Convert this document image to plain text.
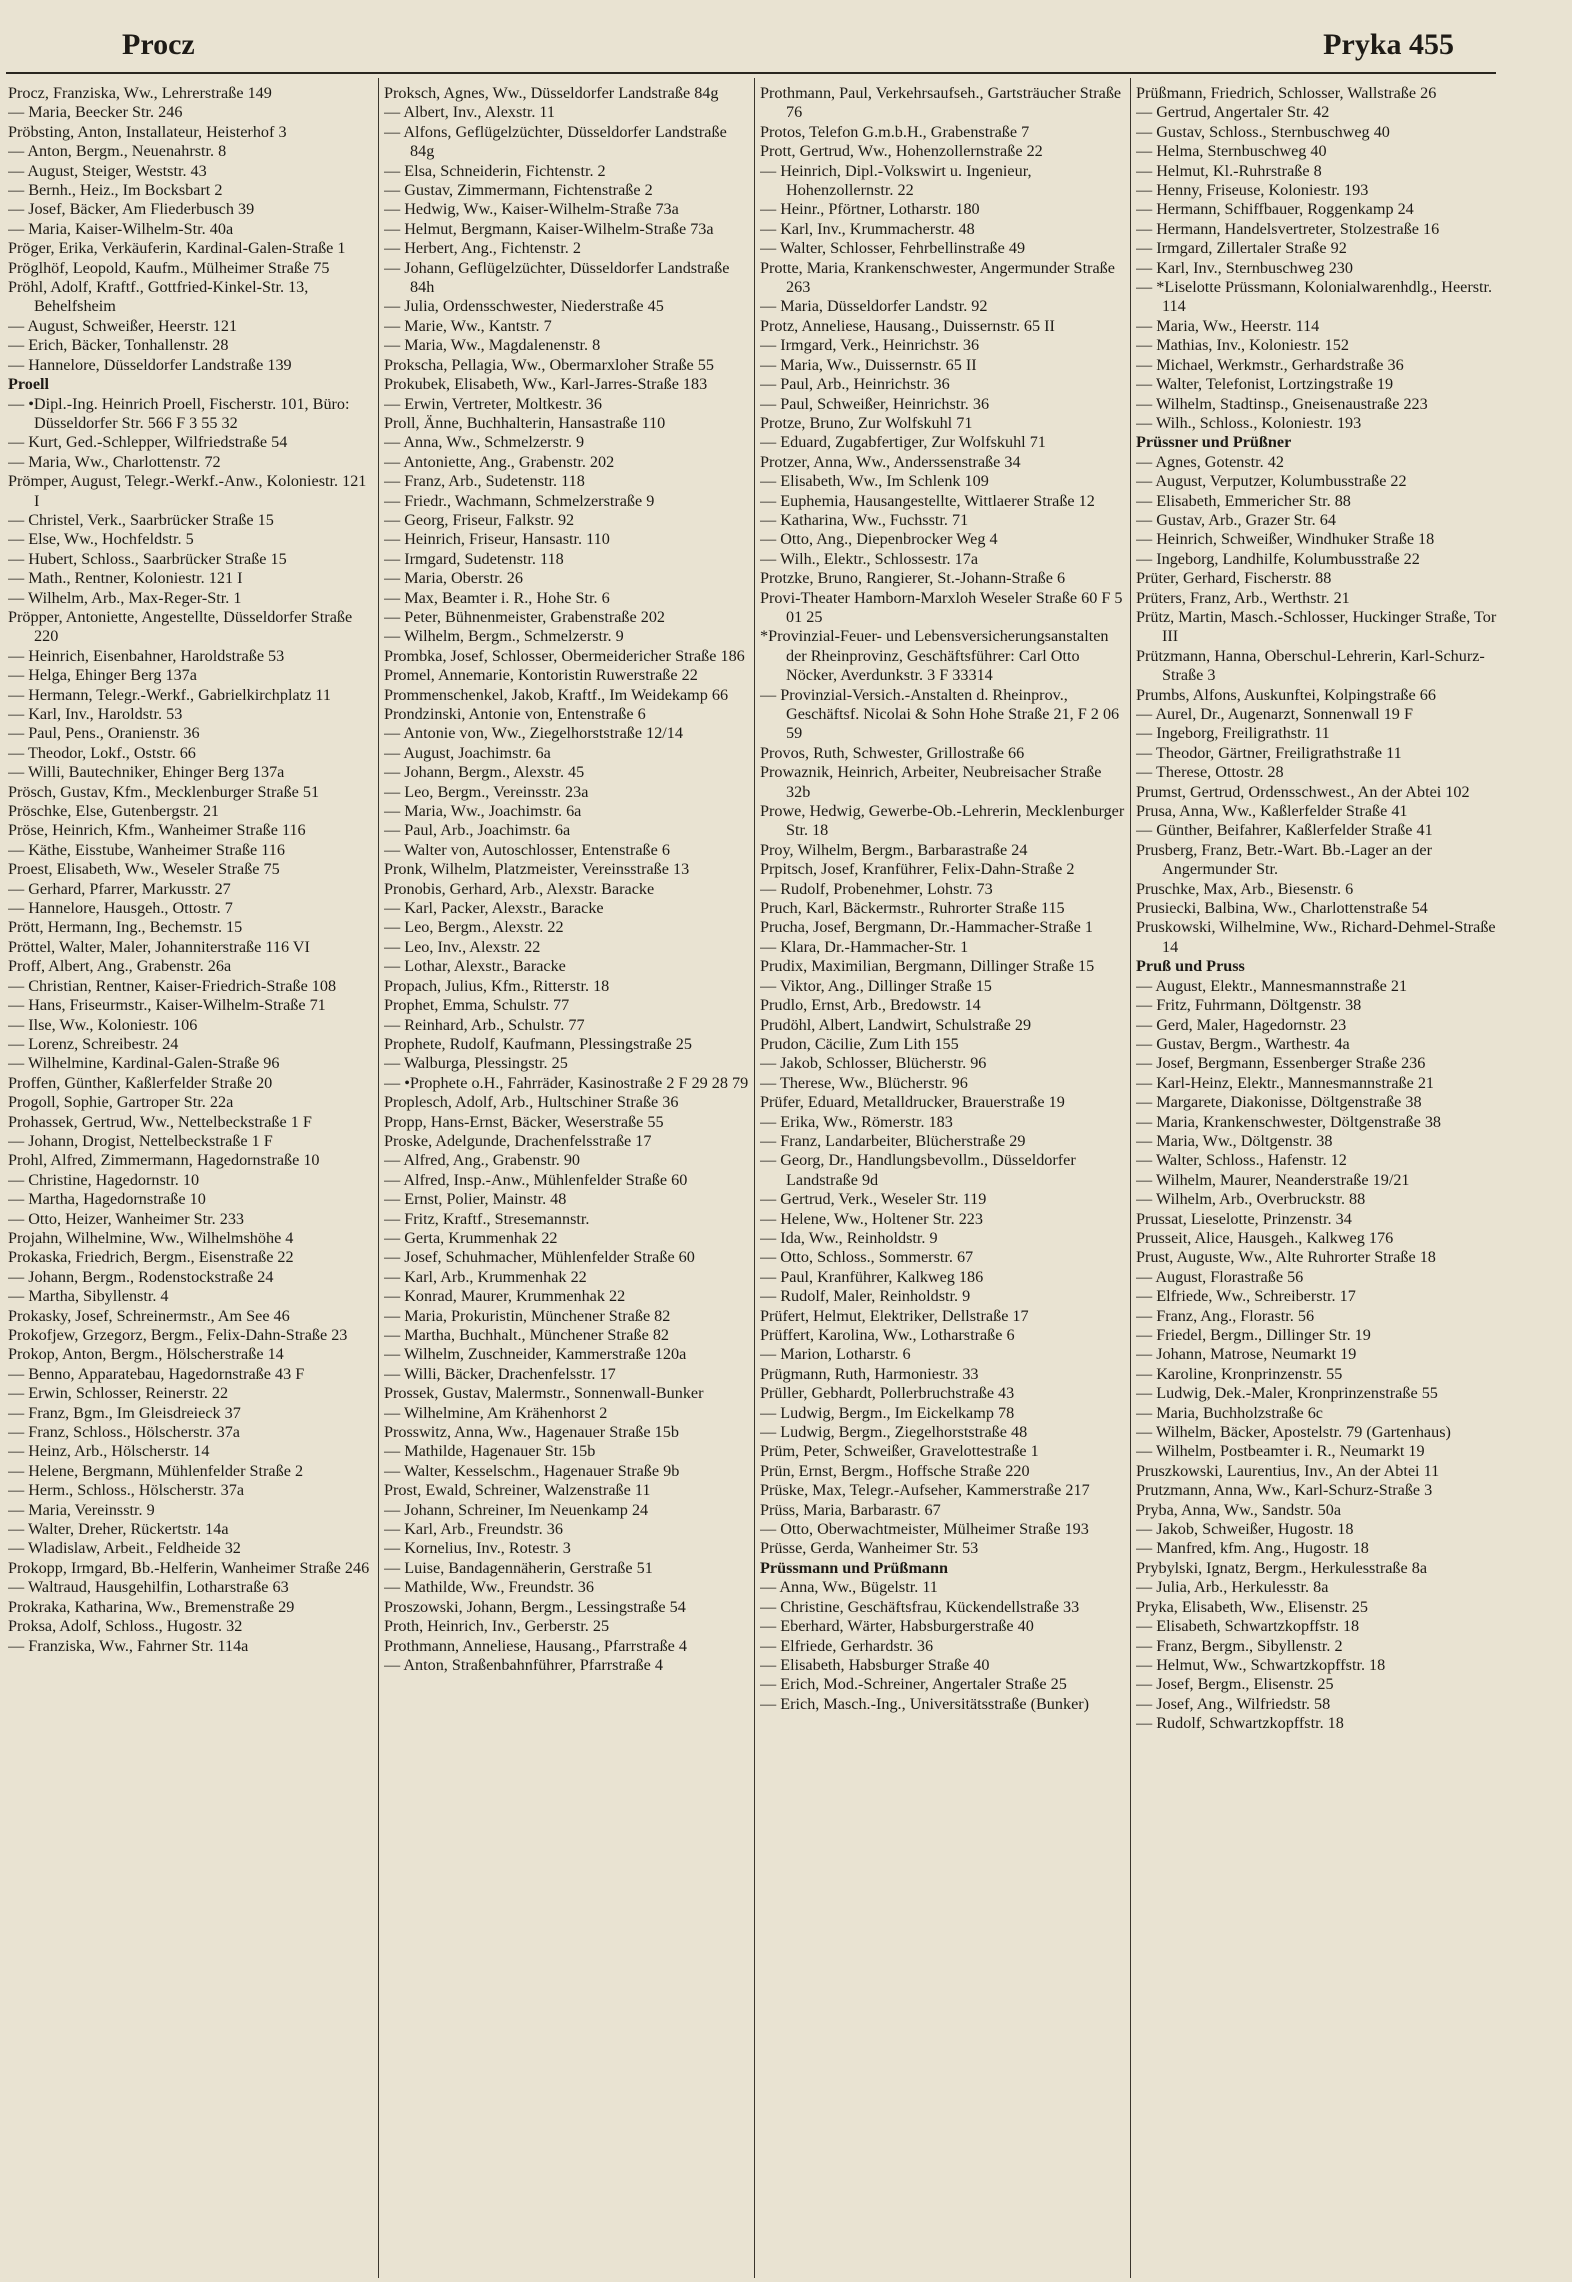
Procz	Pryka 455
Procz, Franziska, Ww., Lehrerstraße 149
— Maria, Beecker Str. 246
Pröbsting, Anton, Installateur, Heisterhof 3
— Anton, Bergm., Neuenahrstr. 8
— August, Steiger, Weststr. 43
— Bernh., Heiz., Im Bocksbart 2
— Josef, Bäcker, Am Fliederbusch 39
— Maria, Kaiser-Wilhelm-Str. 40a
Pröger, Erika, Verkäuferin, Kardinal-Galen-Straße 1
Pröglhöf, Leopold, Kaufm., Mülheimer Straße 75
Pröhl, Adolf, Kraftf., Gottfried-Kinkel-Str. 13, Behelfsheim
— August, Schweißer, Heerstr. 121
— Erich, Bäcker, Tonhallenstr. 28
— Hannelore, Düsseldorfer Landstraße 139
Proell
— •Dipl.-Ing. Heinrich Proell, Fischerstr. 101, Büro: Düsseldorfer Str. 566 F 3 55 32
— Kurt, Ged.-Schlepper, Wilfriedstraße 54
— Maria, Ww., Charlottenstr. 72
Prömper, August, Telegr.-Werkf.-Anw., Koloniestr. 121 I
— Christel, Verk., Saarbrücker Straße 15
— Else, Ww., Hochfeldstr. 5
— Hubert, Schloss., Saarbrücker Straße 15
— Math., Rentner, Koloniestr. 121 I
— Wilhelm, Arb., Max-Reger-Str. 1
Pröpper, Antoniette, Angestellte, Düsseldorfer Straße 220
— Heinrich, Eisenbahner, Haroldstraße 53
— Helga, Ehinger Berg 137a
— Hermann, Telegr.-Werkf., Gabrielkirchplatz 11
— Karl, Inv., Haroldstr. 53
— Paul, Pens., Oranienstr. 36
— Theodor, Lokf., Oststr. 66
— Willi, Bautechniker, Ehinger Berg 137a
Prösch, Gustav, Kfm., Mecklenburger Straße 51
Pröschke, Else, Gutenbergstr. 21
Pröse, Heinrich, Kfm., Wanheimer Straße 116
— Käthe, Eisstube, Wanheimer Straße 116
Proest, Elisabeth, Ww., Weseler Straße 75
— Gerhard, Pfarrer, Markusstr. 27
— Hannelore, Hausgeh., Ottostr. 7
Prött, Hermann, Ing., Bechemstr. 15
Pröttel, Walter, Maler, Johanniterstraße 116 VI
Proff, Albert, Ang., Grabenstr. 26a
— Christian, Rentner, Kaiser-Friedrich-Straße 108
— Hans, Friseurmstr., Kaiser-Wilhelm-Straße 71
— Ilse, Ww., Koloniestr. 106
— Lorenz, Schreibestr. 24
— Wilhelmine, Kardinal-Galen-Straße 96
Proffen, Günther, Kaßlerfelder Straße 20
Progoll, Sophie, Gartroper Str. 22a
Prohassek, Gertrud, Ww., Nettelbeckstraße 1 F
— Johann, Drogist, Nettelbeckstraße 1 F
Prohl, Alfred, Zimmermann, Hagedornstraße 10
— Christine, Hagedornstr. 10
— Martha, Hagedornstraße 10
— Otto, Heizer, Wanheimer Str. 233
Projahn, Wilhelmine, Ww., Wilhelmshöhe 4
Prokaska, Friedrich, Bergm., Eisenstraße 22
— Johann, Bergm., Rodenstockstraße 24
— Martha, Sibyllenstr. 4
Prokasky, Josef, Schreinermstr., Am See 46
Prokofjew, Grzegorz, Bergm., Felix-Dahn-Straße 23
Prokop, Anton, Bergm., Hölscherstraße 14
— Benno, Apparatebau, Hagedornstraße 43 F
— Erwin, Schlosser, Reinerstr. 22
— Franz, Bgm., Im Gleisdreieck 37
— Franz, Schloss., Hölscherstr. 37a
— Heinz, Arb., Hölscherstr. 14
— Helene, Bergmann, Mühlenfelder Straße 2
— Herm., Schloss., Hölscherstr. 37a
— Maria, Vereinsstr. 9
— Walter, Dreher, Rückertstr. 14a
— Wladislaw, Arbeit., Feldheide 32
Prokopp, Irmgard, Bb.-Helferin, Wanheimer Straße 246
— Waltraud, Hausgehilfin, Lotharstraße 63
Prokraka, Katharina, Ww., Bremenstraße 29
Proksa, Adolf, Schloss., Hugostr. 32
— Franziska, Ww., Fahrner Str. 114a
Proksch, Agnes, Ww., Düsseldorfer Landstraße 84g
— Albert, Inv., Alexstr. 11
— Alfons, Geflügelzüchter, Düsseldorfer Landstraße 84g
— Elsa, Schneiderin, Fichtenstr. 2
— Gustav, Zimmermann, Fichtenstraße 2
— Hedwig, Ww., Kaiser-Wilhelm-Straße 73a
— Helmut, Bergmann, Kaiser-Wilhelm-Straße 73a
— Herbert, Ang., Fichtenstr. 2
— Johann, Geflügelzüchter, Düsseldorfer Landstraße 84h
— Julia, Ordensschwester, Niederstraße 45
— Marie, Ww., Kantstr. 7
— Maria, Ww., Magdalenenstr. 8
Prokscha, Pellagia, Ww., Obermarxloher Straße 55
Prokubek, Elisabeth, Ww., Karl-Jarres-Straße 183
— Erwin, Vertreter, Moltkestr. 36
Proll, Änne, Buchhalterin, Hansastraße 110
— Anna, Ww., Schmelzerstr. 9
— Antoniette, Ang., Grabenstr. 202
— Franz, Arb., Sudetenstr. 118
— Friedr., Wachmann, Schmelzerstraße 9
— Georg, Friseur, Falkstr. 92
— Heinrich, Friseur, Hansastr. 110
— Irmgard, Sudetenstr. 118
— Maria, Oberstr. 26
— Max, Beamter i. R., Hohe Str. 6
— Peter, Bühnenmeister, Grabenstraße 202
— Wilhelm, Bergm., Schmelzerstr. 9
Prombka, Josef, Schlosser, Obermeidericher Straße 186
Promel, Annemarie, Kontoristin Ruwerstraße 22
Prommenschenkel, Jakob, Kraftf., Im Weidekamp 66
Prondzinski, Antonie von, Entenstraße 6
— Antonie von, Ww., Ziegelhorststraße 12/14
— August, Joachimstr. 6a
— Johann, Bergm., Alexstr. 45
— Leo, Bergm., Vereinsstr. 23a
— Maria, Ww., Joachimstr. 6a
— Paul, Arb., Joachimstr. 6a
— Walter von, Autoschlosser, Entenstraße 6
Pronk, Wilhelm, Platzmeister, Vereinsstraße 13
Pronobis, Gerhard, Arb., Alexstr. Baracke
— Karl, Packer, Alexstr., Baracke
— Leo, Bergm., Alexstr. 22
— Leo, Inv., Alexstr. 22
— Lothar, Alexstr., Baracke
Propach, Julius, Kfm., Ritterstr. 18
Prophet, Emma, Schulstr. 77
— Reinhard, Arb., Schulstr. 77
Prophete, Rudolf, Kaufmann, Plessingstraße 25
— Walburga, Plessingstr. 25
— •Prophete o.H., Fahrräder, Kasinostraße 2 F 29 28 79
Proplesch, Adolf, Arb., Hultschiner Straße 36
Propp, Hans-Ernst, Bäcker, Weserstraße 55
Proske, Adelgunde, Drachenfelsstraße 17
— Alfred, Ang., Grabenstr. 90
— Alfred, Insp.-Anw., Mühlenfelder Straße 60
— Ernst, Polier, Mainstr. 48
— Fritz, Kraftf., Stresemannstr.
— Gerta, Krummenhak 22
— Josef, Schuhmacher, Mühlenfelder Straße 60
— Karl, Arb., Krummenhak 22
— Konrad, Maurer, Krummenhak 22
— Maria, Prokuristin, Münchener Straße 82
— Martha, Buchhalt., Münchener Straße 82
— Wilhelm, Zuschneider, Kammerstraße 120a
— Willi, Bäcker, Drachenfelsstr. 17
Prossek, Gustav, Malermstr., Sonnenwall-Bunker
— Wilhelmine, Am Krähenhorst 2
Prosswitz, Anna, Ww., Hagenauer Straße 15b
— Mathilde, Hagenauer Str. 15b
— Walter, Kesselschm., Hagenauer Straße 9b
Prost, Ewald, Schreiner, Walzenstraße 11
— Johann, Schreiner, Im Neuenkamp 24
— Karl, Arb., Freundstr. 36
— Kornelius, Inv., Rotestr. 3
— Luise, Bandagennäherin, Gerstraße 51
— Mathilde, Ww., Freundstr. 36
Proszowski, Johann, Bergm., Lessingstraße 54
Proth, Heinrich, Inv., Gerberstr. 25
Prothmann, Anneliese, Hausang., Pfarrstraße 4
— Anton, Straßenbahnführer, Pfarrstraße 4
Prothmann, Paul, Verkehrsaufseh., Gartsträucher Straße 76
Protos, Telefon G.m.b.H., Grabenstraße 7
Prott, Gertrud, Ww., Hohenzollernstraße 22
— Heinrich, Dipl.-Volkswirt u. Ingenieur, Hohenzollernstr. 22
— Heinr., Pförtner, Lotharstr. 180
— Karl, Inv., Krummacherstr. 48
— Walter, Schlosser, Fehrbellinstraße 49
Protte, Maria, Krankenschwester, Angermunder Straße 263
— Maria, Düsseldorfer Landstr. 92
Protz, Anneliese, Hausang., Duissernstr. 65 II
— Irmgard, Verk., Heinrichstr. 36
— Maria, Ww., Duissernstr. 65 II
— Paul, Arb., Heinrichstr. 36
— Paul, Schweißer, Heinrichstr. 36
Protze, Bruno, Zur Wolfskuhl 71
— Eduard, Zugabfertiger, Zur Wolfskuhl 71
Protzer, Anna, Ww., Anderssenstraße 34
— Elisabeth, Ww., Im Schlenk 109
— Euphemia, Hausangestellte, Wittlaerer Straße 12
— Katharina, Ww., Fuchsstr. 71
— Otto, Ang., Diepenbrocker Weg 4
— Wilh., Elektr., Schlossestr. 17a
Protzke, Bruno, Rangierer, St.-Johann-Straße 6
Provi-Theater Hamborn-Marxloh Weseler Straße 60 F 5 01 25
*Provinzial-Feuer- und Lebensversicherungsanstalten der Rheinprovinz, Geschäftsführer: Carl Otto Nöcker, Averdunkstr. 3 F 33314
— Provinzial-Versich.-Anstalten d. Rheinprov., Geschäftsf. Nicolai & Sohn Hohe Straße 21, F 2 06 59
Provos, Ruth, Schwester, Grillostraße 66
Prowaznik, Heinrich, Arbeiter, Neubreisacher Straße 32b
Prowe, Hedwig, Gewerbe-Ob.-Lehrerin, Mecklenburger Str. 18
Proy, Wilhelm, Bergm., Barbarastraße 24
Prpitsch, Josef, Kranführer, Felix-Dahn-Straße 2
— Rudolf, Probenehmer, Lohstr. 73
Pruch, Karl, Bäckermstr., Ruhrorter Straße 115
Prucha, Josef, Bergmann, Dr.-Hammacher-Straße 1
— Klara, Dr.-Hammacher-Str. 1
Prudix, Maximilian, Bergmann, Dillinger Straße 15
— Viktor, Ang., Dillinger Straße 15
Prudlo, Ernst, Arb., Bredowstr. 14
Prudöhl, Albert, Landwirt, Schulstraße 29
Prudon, Cäcilie, Zum Lith 155
— Jakob, Schlosser, Blücherstr. 96
— Therese, Ww., Blücherstr. 96
Prüfer, Eduard, Metalldrucker, Brauerstraße 19
— Erika, Ww., Römerstr. 183
— Franz, Landarbeiter, Blücherstraße 29
— Georg, Dr., Handlungsbevollm., Düsseldorfer Landstraße 9d
— Gertrud, Verk., Weseler Str. 119
— Helene, Ww., Holtener Str. 223
— Ida, Ww., Reinholdstr. 9
— Otto, Schloss., Sommerstr. 67
— Paul, Kranführer, Kalkweg 186
— Rudolf, Maler, Reinholdstr. 9
Prüfert, Helmut, Elektriker, Dellstraße 17
Prüffert, Karolina, Ww., Lotharstraße 6
— Marion, Lotharstr. 6
Prügmann, Ruth, Harmoniestr. 33
Prüller, Gebhardt, Pollerbruchstraße 43
— Ludwig, Bergm., Im Eickelkamp 78
— Ludwig, Bergm., Ziegelhorststraße 48
Prüm, Peter, Schweißer, Gravelottestraße 1
Prün, Ernst, Bergm., Hoffsche Straße 220
Prüske, Max, Telegr.-Aufseher, Kammerstraße 217
Prüss, Maria, Barbarastr. 67
— Otto, Oberwachtmeister, Mülheimer Straße 193
Prüsse, Gerda, Wanheimer Str. 53
Prüssmann und Prüßmann
— Anna, Ww., Bügelstr. 11
— Christine, Geschäftsfrau, Kückendellstraße 33
— Eberhard, Wärter, Habsburgerstraße 40
— Elfriede, Gerhardstr. 36
— Elisabeth, Habsburger Straße 40
— Erich, Mod.-Schreiner, Angertaler Straße 25
— Erich, Masch.-Ing., Universitätsstraße (Bunker)
Prüßmann, Friedrich, Schlosser, Wallstraße 26
— Gertrud, Angertaler Str. 42
— Gustav, Schloss., Sternbuschweg 40
— Helma, Sternbuschweg 40
— Helmut, Kl.-Ruhrstraße 8
— Henny, Friseuse, Koloniestr. 193
— Hermann, Schiffbauer, Roggenkamp 24
— Hermann, Handelsvertreter, Stolzestraße 16
— Irmgard, Zillertaler Straße 92
— Karl, Inv., Sternbuschweg 230
— *Liselotte Prüssmann, Kolonialwarenhdlg., Heerstr. 114
— Maria, Ww., Heerstr. 114
— Mathias, Inv., Koloniestr. 152
— Michael, Werkmstr., Gerhardstraße 36
— Walter, Telefonist, Lortzingstraße 19
— Wilhelm, Stadtinsp., Gneisenaustraße 223
— Wilh., Schloss., Koloniestr. 193
Prüssner und Prüßner
— Agnes, Gotenstr. 42
— August, Verputzer, Kolumbusstraße 22
— Elisabeth, Emmericher Str. 88
— Gustav, Arb., Grazer Str. 64
— Heinrich, Schweißer, Windhuker Straße 18
— Ingeborg, Landhilfe, Kolumbusstraße 22
Prüter, Gerhard, Fischerstr. 88
Prüters, Franz, Arb., Werthstr. 21
Prütz, Martin, Masch.-Schlosser, Huckinger Straße, Tor III
Prützmann, Hanna, Oberschul-Lehrerin, Karl-Schurz-Straße 3
Prumbs, Alfons, Auskunftei, Kolpingstraße 66
— Aurel, Dr., Augenarzt, Sonnenwall 19 F
— Ingeborg, Freiligrathstr. 11
— Theodor, Gärtner, Freiligrathstraße 11
— Therese, Ottostr. 28
Prumst, Gertrud, Ordensschwest., An der Abtei 102
Prusa, Anna, Ww., Kaßlerfelder Straße 41
— Günther, Beifahrer, Kaßlerfelder Straße 41
Prusberg, Franz, Betr.-Wart. Bb.-Lager an der Angermunder Str.
Pruschke, Max, Arb., Biesenstr. 6
Prusiecki, Balbina, Ww., Charlottenstraße 54
Pruskowski, Wilhelmine, Ww., Richard-Dehmel-Straße 14
Pruß und Pruss
— August, Elektr., Mannesmannstraße 21
— Fritz, Fuhrmann, Döltgenstr. 38
— Gerd, Maler, Hagedornstr. 23
— Gustav, Bergm., Warthestr. 4a
— Josef, Bergmann, Essenberger Straße 236
— Karl-Heinz, Elektr., Mannesmannstraße 21
— Margarete, Diakonisse, Döltgenstraße 38
— Maria, Krankenschwester, Döltgenstraße 38
— Maria, Ww., Döltgenstr. 38
— Walter, Schloss., Hafenstr. 12
— Wilhelm, Maurer, Neanderstraße 19/21
— Wilhelm, Arb., Overbruckstr. 88
Prussat, Lieselotte, Prinzenstr. 34
Prusseit, Alice, Hausgeh., Kalkweg 176
Prust, Auguste, Ww., Alte Ruhrorter Straße 18
— August, Florastraße 56
— Elfriede, Ww., Schreiberstr. 17
— Franz, Ang., Florastr. 56
— Friedel, Bergm., Dillinger Str. 19
— Johann, Matrose, Neumarkt 19
— Karoline, Kronprinzenstr. 55
— Ludwig, Dek.-Maler, Kronprinzenstraße 55
— Maria, Buchholzstraße 6c
— Wilhelm, Bäcker, Apostelstr. 79 (Gartenhaus)
— Wilhelm, Postbeamter i. R., Neumarkt 19
Pruszkowski, Laurentius, Inv., An der Abtei 11
Prutzmann, Anna, Ww., Karl-Schurz-Straße 3
Pryba, Anna, Ww., Sandstr. 50a
— Jakob, Schweißer, Hugostr. 18
— Manfred, kfm. Ang., Hugostr. 18
Prybylski, Ignatz, Bergm., Herkulesstraße 8a
— Julia, Arb., Herkulesstr. 8a
Pryka, Elisabeth, Ww., Elisenstr. 25
— Elisabeth, Schwartzkopffstr. 18
— Franz, Bergm., Sibyllenstr. 2
— Helmut, Ww., Schwartzkopffstr. 18
— Josef, Bergm., Elisenstr. 25
— Josef, Ang., Wilfriedstr. 58
— Rudolf, Schwartzkopffstr. 18
